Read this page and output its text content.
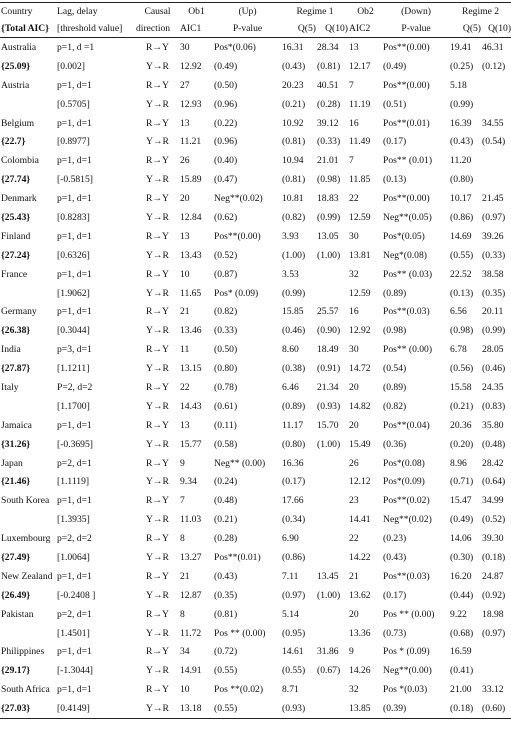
Country	Lag, delay	Causal	Ob1	(Up)	Regime 1		Ob2	(Down)	Regime 2	
{Total AIC}	[threshold value]	direction	AIC1	P-value	Q(5)	Q(10)	AIC2	P-value	Q(5)	Q(10)
Australia	p=1, d =1	R→Y	30	Pos*(0.06)	16.31	28.34	13	Pos**(0.00)	19.41	46.31
{25.09}	[0.002]	Y→R	12.92	(0.49)	(0.43)	(0.81)	12.17	(0.49)	(0.25)	(0.12)
Austria	p=1, d=1	R→Y	27	(0.50)	20.23	40.51	7	Pos**(0.00)	5.18	
	[0.5705]	Y→R	12.93	(0.96)	(0.21)	(0.28)	11.19	(0.51)	(0.99)	
Belgium	p=1, d=1	R→Y	13	(0.22)	10.92	39.12	16	Pos**(0.01)	16.39	34.55
{22.7}	[0.8977]	Y→R	11.21	(0.96)	(0.81)	(0.33)	11.49	(0.17)	(0.43)	(0.54)
Colombia	p=1, d=1	R→Y	26	(0.40)	10.94	21.01	7	Pos** (0.01)	11.20	
{27.74}	[-0.5815]	Y→R	15.89	(0.47)	(0.81)	(0.98)	11.85	(0.13)	(0.80)	
Denmark	p=1, d=1	R→Y	20	Neg**(0.02)	10.81	18.83	22	Pos**(0.00)	10.17	21.45
{25.43}	[0.8283]	Y→R	12.84	(0.62)	(0.82)	(0.99)	12.59	Neg**(0.05)	(0.86)	(0.97)
Finland	p=1, d=1	R→Y	13	Pos**(0.00)	3.93	13.05	30	Pos*(0.05)	14.69	39.26
{27.24}	[0.6326]	Y→R	13.43	(0.52)	(1.00)	(1.00)	13.81	Neg*(0.08)	(0.55)	(0.33)
France	p=1, d=1	R→Y	10	(0.87)	3.53		32	Pos** (0.03)	22.52	38.58
	[1.9062]	Y→R	11.65	Pos* (0.09)	(0.99)		12.59	(0.89)	(0.13)	(0.35)
Germany	p=1, d=1	R→Y	21	(0.82)	15.85	25.57	16	Pos**(0.03)	6.56	20.11
{26.38}	[0.3044]	Y→R	13.46	(0.33)	(0.46)	(0.90)	12.92	(0.98)	(0.98)	(0.99)
India	p=3, d=1	R→Y	11	(0.50)	8.60	18.49	30	Pos** (0.00)	6.78	28.05
{27.87}	[1.1211]	Y→R	13.15	(0.80)	(0.38)	(0.91)	14.72	(0.54)	(0.56)	(0.46)
Italy	P=2, d=2	R→Y	22	(0.78)	6.46	21.34	20	(0.89)	15.58	24.35
	[1.1700]	Y→R	14.43	(0.61)	(0.89)	(0.93)	14.82	(0.82)	(0.21)	(0.83)
Jamaica	p=1, d=1	R→Y	13	(0.11)	11.17	15.70	20	Pos**(0.04)	20.36	35.80
{31.26}	[-0.3695]	Y→R	15.77	(0.58)	(0.80)	(1.00)	15.49	(0.36)	(0.20)	(0.48)
Japan	p=2, d=1	R→Y	9	Neg** (0.00)	16.36		26	Pos*(0.08)	8.96	28.42
{21.46}	[1.1119]	Y→R	9.34	(0.24)	(0.17)		12.12	Pos*(0.09)	(0.71)	(0.64)
South Korea	p=1, d=1	R→Y	7	(0.48)	17.66		23	Pos**(0.02)	15.47	34.99
	[1.3935]	Y→R	11.03	(0.21)	(0.34)		14.41	Neg**(0.02)	(0.49)	(0.52)
Luxembourg	p=2, d=2	R→Y	8	(0.28)	6.90		22	(0.23)	14.06	39.30
{27.49}	[1.0064]	Y→R	13.27	Pos**(0.01)	(0.86)		14.22	(0.43)	(0.30)	(0.18)
New Zealand	p=1, d=1	R→Y	21	(0.43)	7.11	13.45	21	Pos**(0.03)	16.20	24.87
{26.49}	[-0.2408 ]	Y→R	12.87	(0.35)	(0.97)	(1.00)	13.62	(0.17)	(0.44)	(0.92)
Pakistan	p=2, d=1	R→Y	8	(0.81)	5.14		20	Pos ** (0.00)	9.22	18.98
	[1.4501]	Y→R	11.72	Pos ** (0.00)	(0.95)		13.36	(0.73)	(0.68)	(0.97)
Philippines	p=1, d=1	R→Y	34	(0.72)	14.61	31.86	9	Pos * (0.09)	16.59	
{29.17}	[-1.3044]	Y→R	14.91	(0.55)	(0.55)	(0.67)	14.26	Neg**(0.00)	(0.41)	
South Africa	p=1, d=1	R→Y	10	Pos **(0.02)	8.71		32	Pos *(0.03)	21.00	33.12
{27.03}	[0.4149]	Y→R	13.18	(0.55)	(0.93)		13.85	(0.39)	(0.18)	(0.60)
